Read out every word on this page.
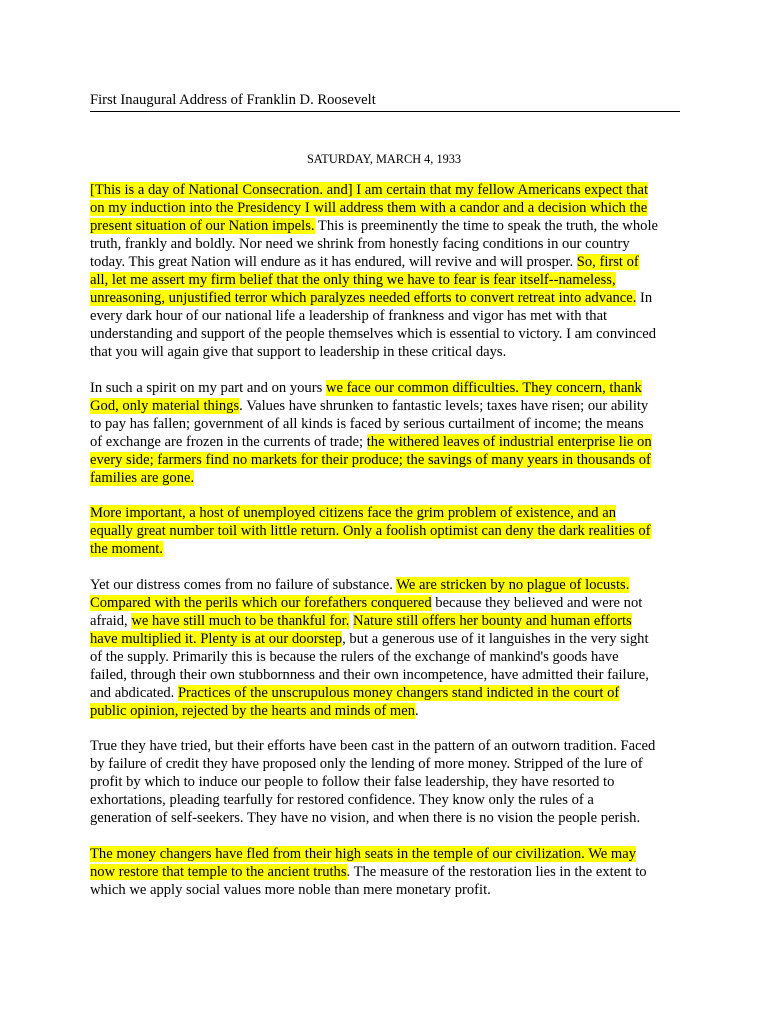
First Inaugural Address of Franklin D. Roosevelt
SATURDAY, MARCH 4, 1933
[This is a day of National Consecration. and] I am certain that my fellow Americans expect that
on my induction into the Presidency I will address them with a candor and a decision which the
present situation of our Nation impels. This is preeminently the time to speak the truth, the whole
truth, frankly and boldly. Nor need we shrink from honestly facing conditions in our country
today. This great Nation will endure as it has endured, will revive and will prosper. So, first of
all, let me assert my firm belief that the only thing we have to fear is fear itself--nameless,
unreasoning, unjustified terror which paralyzes needed efforts to convert retreat into advance. In
every dark hour of our national life a leadership of frankness and vigor has met with that
understanding and support of the people themselves which is essential to victory. I am convinced
that you will again give that support to leadership in these critical days.
In such a spirit on my part and on yours we face our common difficulties. They concern, thank
God, only material things. Values have shrunken to fantastic levels; taxes have risen; our ability
to pay has fallen; government of all kinds is faced by serious curtailment of income; the means
of exchange are frozen in the currents of trade; the withered leaves of industrial enterprise lie on
every side; farmers find no markets for their produce; the savings of many years in thousands of
families are gone.
More important, a host of unemployed citizens face the grim problem of existence, and an
equally great number toil with little return. Only a foolish optimist can deny the dark realities of
the moment.
Yet our distress comes from no failure of substance. We are stricken by no plague of locusts.
Compared with the perils which our forefathers conquered because they believed and were not
afraid, we have still much to be thankful for. Nature still offers her bounty and human efforts
have multiplied it. Plenty is at our doorstep, but a generous use of it languishes in the very sight
of the supply. Primarily this is because the rulers of the exchange of mankind's goods have
failed, through their own stubbornness and their own incompetence, have admitted their failure,
and abdicated. Practices of the unscrupulous money changers stand indicted in the court of
public opinion, rejected by the hearts and minds of men.
True they have tried, but their efforts have been cast in the pattern of an outworn tradition. Faced
by failure of credit they have proposed only the lending of more money. Stripped of the lure of
profit by which to induce our people to follow their false leadership, they have resorted to
exhortations, pleading tearfully for restored confidence. They know only the rules of a
generation of self-seekers. They have no vision, and when there is no vision the people perish.
The money changers have fled from their high seats in the temple of our civilization. We may
now restore that temple to the ancient truths. The measure of the restoration lies in the extent to
which we apply social values more noble than mere monetary profit.
